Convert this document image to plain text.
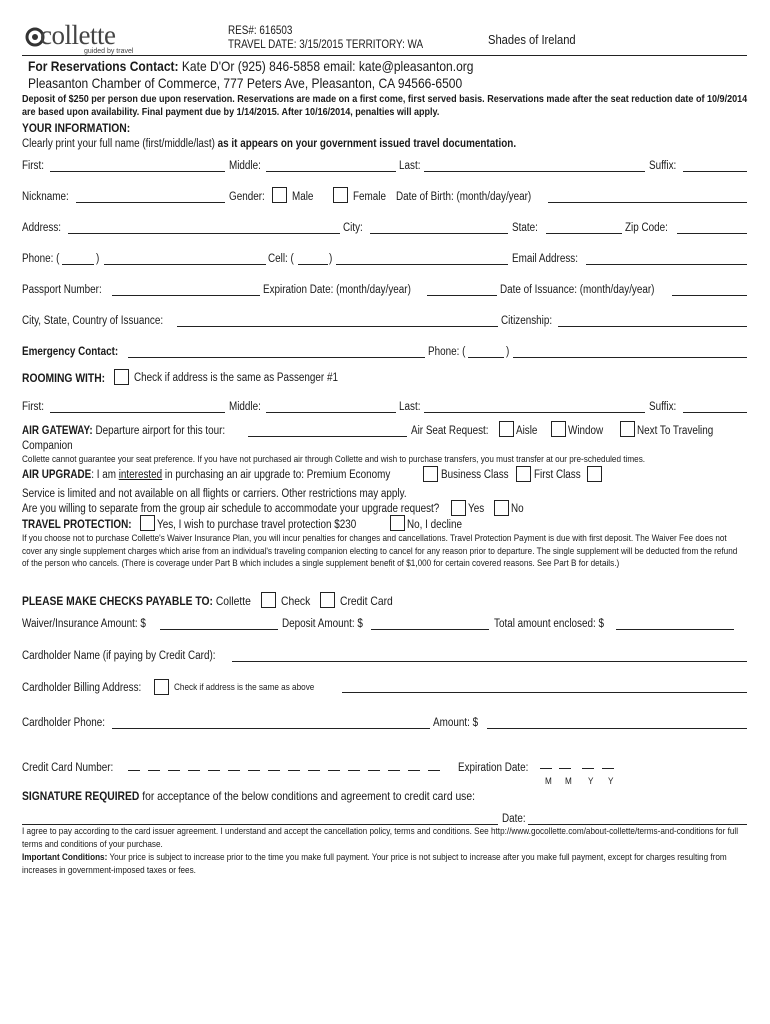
collette
guided by travel
RES#: 616503
TRAVEL DATE: 3/15/2015 TERRITORY: WA	Shades of Ireland
For Reservations Contact: Kate D'Or (925) 846-5858 email: kate@pleasanton.org
Pleasanton Chamber of Commerce, 777 Peters Ave, Pleasanton, CA 94566-6500
Deposit of $250 per person due upon reservation. Reservations are made on a first come, first served basis. Reservations made after the seat reduction date of 10/9/2014 are based upon availability. Final payment due by 1/14/2015. After 10/16/2014, penalties will apply.
YOUR INFORMATION:
Clearly print your full name (first/middle/last) as it appears on your government issued travel documentation.
First:	Middle:	Last:	Suffix:
Nickname:	Gender: Male	Female Date of Birth: (month/day/year)
Address:	City:	State:	Zip Code:
Phone: (	)	Cell: (	)	Email Address:
Passport Number:	Expiration Date: (month/day/year)	Date of Issuance: (month/day/year)
City, State, Country of Issuance:	Citizenship:
Emergency Contact:	Phone: (	)
ROOMING WITH:	Check if address is the same as Passenger #1
First:	Middle:	Last:	Suffix:
AIR GATEWAY: Departure airport for this tour:	Air Seat Request: Aisle	Window	Next To Traveling
Companion
Collette cannot guarantee your seat preference. If you have not purchased air through Collette and wish to purchase transfers, you must transfer at our pre-scheduled times.
AIR UPGRADE: I am interested in purchasing an air upgrade to: Premium Economy	Business Class First Class
Service is limited and not available on all flights or carriers. Other restrictions may apply.
Are you willing to separate from the group air schedule to accommodate your upgrade request? Yes No
TRAVEL PROTECTION: Yes, I wish to purchase travel protection $230	No, I decline
If you choose not to purchase Collette's Waiver Insurance Plan, you will incur penalties for changes and cancellations. Travel Protection Payment is due with first deposit. The Waiver Fee does not cover any single supplement charges which arise from an individual's traveling companion electing to cancel for any reason prior to departure. The single supplement will be deducted from the refund of the person who cancels. (There is coverage under Part B which includes a single supplement benefit of $1,000 for certain covered reasons. See Part B for details.)
PLEASE MAKE CHECKS PAYABLE TO: Collette	Check Credit Card
Waiver/Insurance Amount: $	Deposit Amount: $	Total amount enclosed: $
Cardholder Name (if paying by Credit Card):
Cardholder Billing Address:	Check if address is the same as above
Cardholder Phone:	Amount: $
Credit Card Number:	Expiration Date:
M M Y Y
SIGNATURE REQUIRED for acceptance of the below conditions and agreement to credit card use:
Date:
I agree to pay according to the card issuer agreement. I understand and accept the cancellation policy, terms and conditions. See http://www.gocollette.com/about-collette/terms-and-conditions for full terms and conditions of your purchase.
Important Conditions: Your price is subject to increase prior to the time you make full payment. Your price is not subject to increase after you make full payment, except for charges resulting from increases in government-imposed taxes or fees.
